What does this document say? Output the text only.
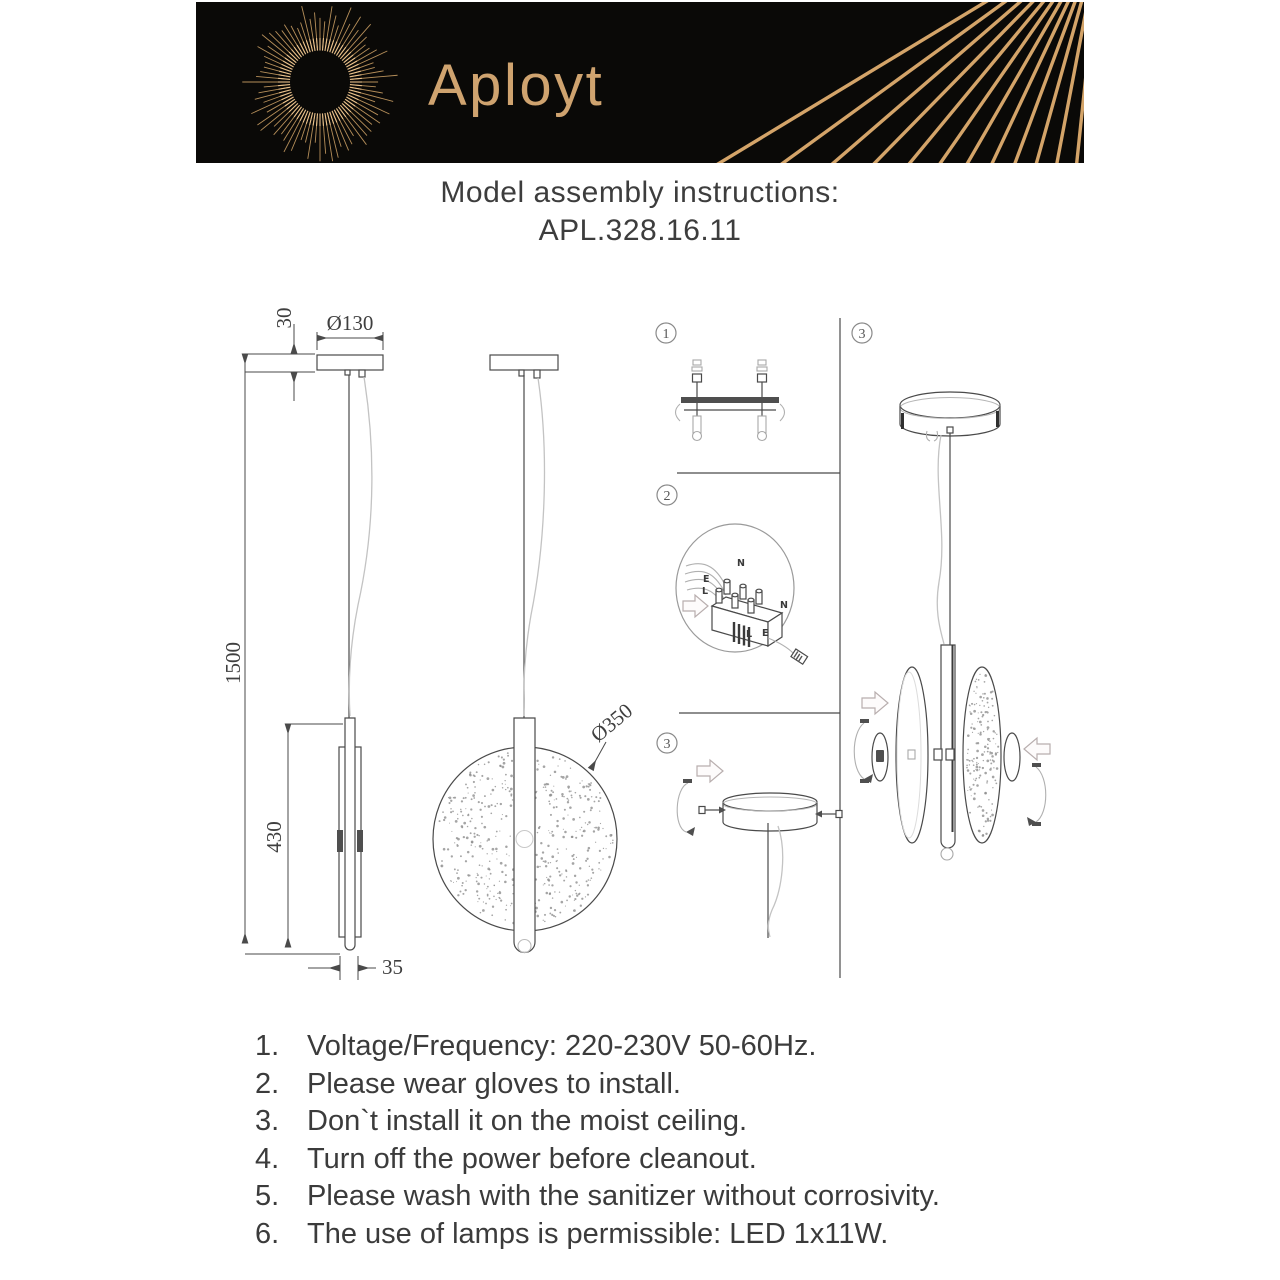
Aployt
Model assembly instructions:
APL.328.16.11
1500
30 Ø130
430
35
Ø350
1
2
N
E
L
N
L E
3
3
1. Voltage/Frequency: 220-230V 50-60Hz.
2. Please wear gloves to install.
3. Don`t install it on the moist ceiling.
4. Turn off the power before cleanout.
5. Please wash with the sanitizer without corrosivity.
6. The use of lamps is permissible: LED 1x11W.
